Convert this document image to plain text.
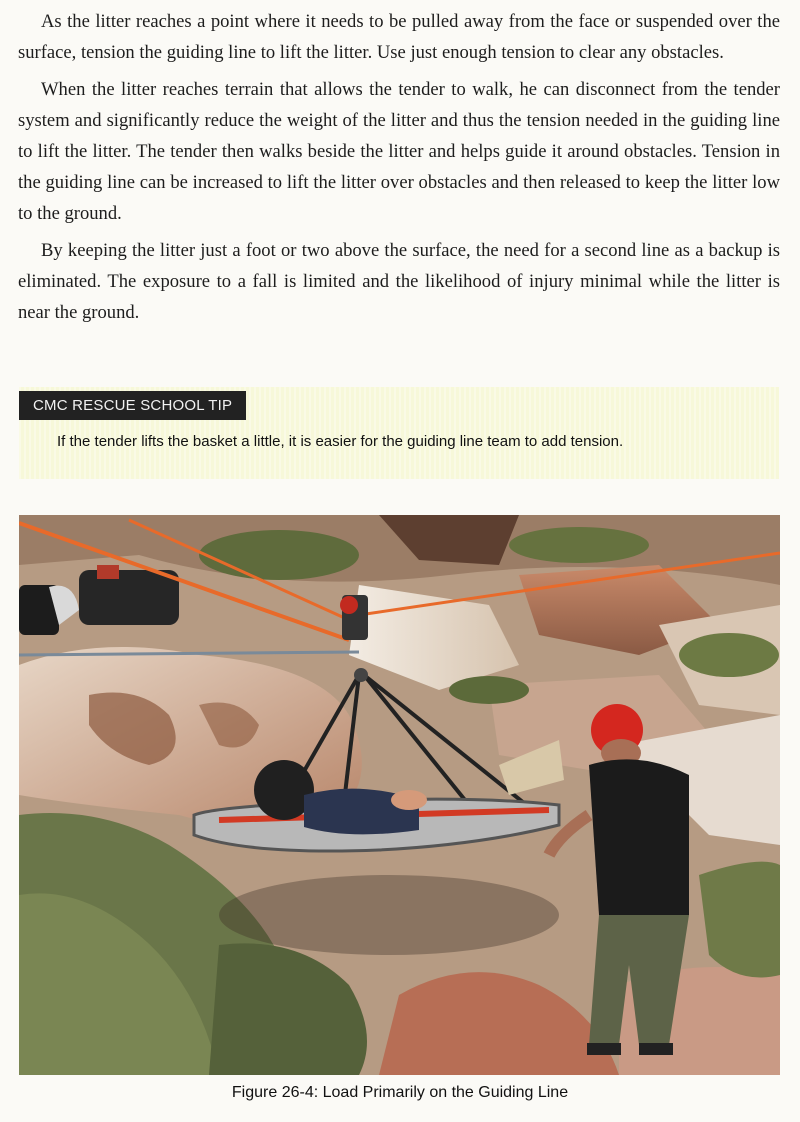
As the litter reaches a point where it needs to be pulled away from the face or suspended over the surface, tension the guiding line to lift the litter. Use just enough tension to clear any obstacles.

When the litter reaches terrain that allows the tender to walk, he can disconnect from the tender system and significantly reduce the weight of the litter and thus the tension needed in the guiding line to lift the litter. The tender then walks beside the litter and helps guide it around obstacles. Tension in the guiding line can be increased to lift the litter over obstacles and then released to keep the litter low to the ground.

By keeping the litter just a foot or two above the surface, the need for a second line as a backup is eliminated. The exposure to a fall is limited and the likelihood of injury minimal while the litter is near the ground.

CMC RESCUE SCHOOL TIP
If the tender lifts the basket a little, it is easier for the guiding line team to add tension.
Figure 26-4: Load Primarily on the Guiding Line
